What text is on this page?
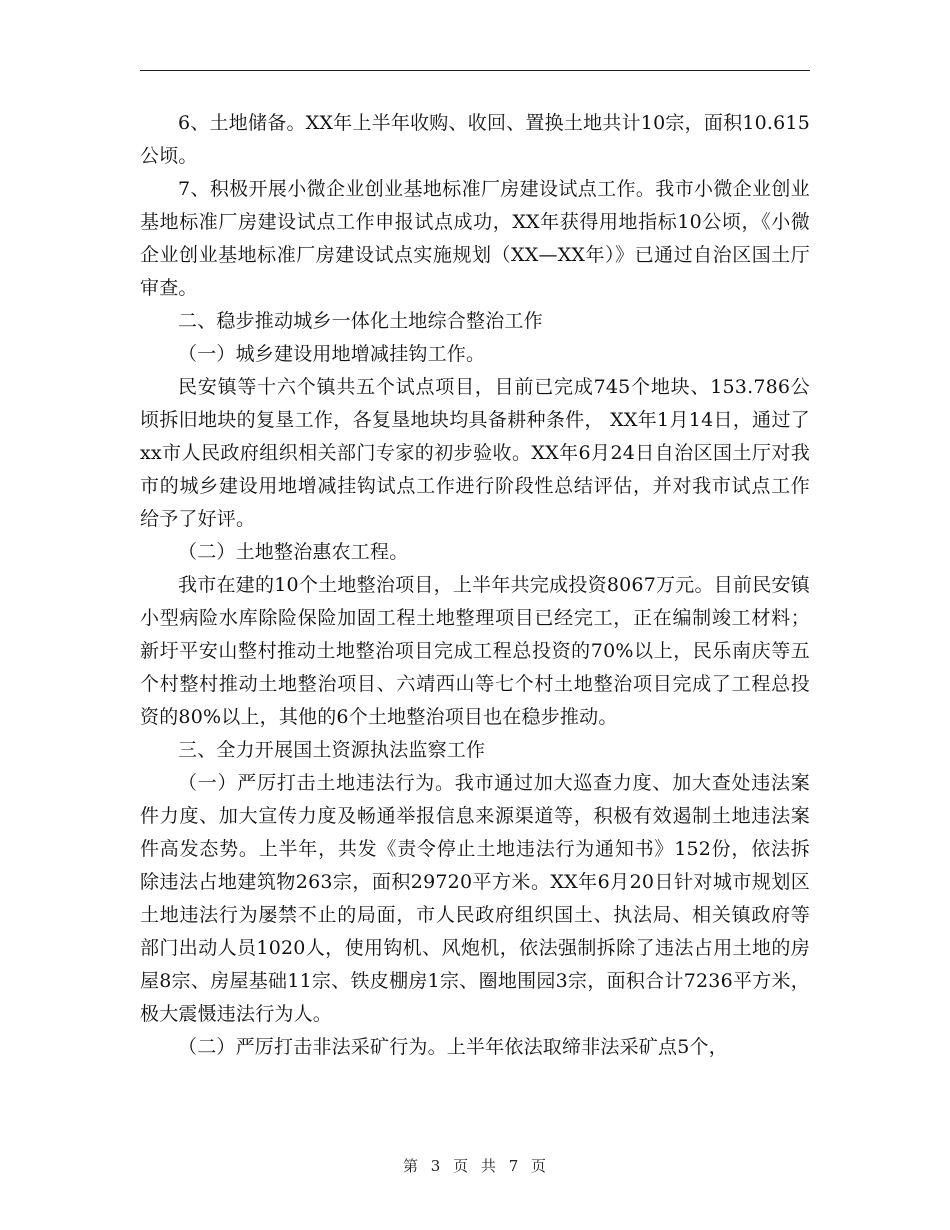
6、土地储备。XX年上半年收购、收回、置换土地共计10宗，面积10.615公顷。

7、积极开展小微企业创业基地标准厂房建设试点工作。我市小微企业创业基地标准厂房建设试点工作申报试点成功，XX年获得用地指标10公顷，《小微企业创业基地标准厂房建设试点实施规划（XX—XX年）》已通过自治区国土厅审查。

二、稳步推动城乡一体化土地综合整治工作

（一）城乡建设用地增减挂钩工作。

民安镇等十六个镇共五个试点项目，目前已完成745个地块、153.786公顷拆旧地块的复垦工作，各复垦地块均具备耕种条件， XX年1月14日，通过了xx市人民政府组织相关部门专家的初步验收。XX年6月24日自治区国土厅对我市的城乡建设用地增减挂钩试点工作进行阶段性总结评估，并对我市试点工作给予了好评。

（二）土地整治惠农工程。

我市在建的10个土地整治项目，上半年共完成投资8067万元。目前民安镇小型病险水库除险保险加固工程土地整理项目已经完工，正在编制竣工材料；新圩平安山整村推动土地整治项目完成工程总投资的70%以上，民乐南庆等五个村整村推动土地整治项目、六靖西山等七个村土地整治项目完成了工程总投资的80%以上，其他的6个土地整治项目也在稳步推动。

三、全力开展国土资源执法监察工作

（一）严厉打击土地违法行为。我市通过加大巡查力度、加大查处违法案件力度、加大宣传力度及畅通举报信息来源渠道等，积极有效遏制土地违法案件高发态势。上半年，共发《责令停止土地违法行为通知书》152份，依法拆除违法占地建筑物263宗，面积29720平方米。XX年6月20日针对城市规划区土地违法行为屡禁不止的局面，市人民政府组织国土、执法局、相关镇政府等部门出动人员1020人，使用钩机、风炮机，依法强制拆除了违法占用土地的房屋8宗、房屋基础11宗、铁皮棚房1宗、圈地围园3宗，面积合计7236平方米，极大震慑违法行为人。

（二）严厉打击非法采矿行为。上半年依法取缔非法采矿点5个，

第 3 页 共 7 页
